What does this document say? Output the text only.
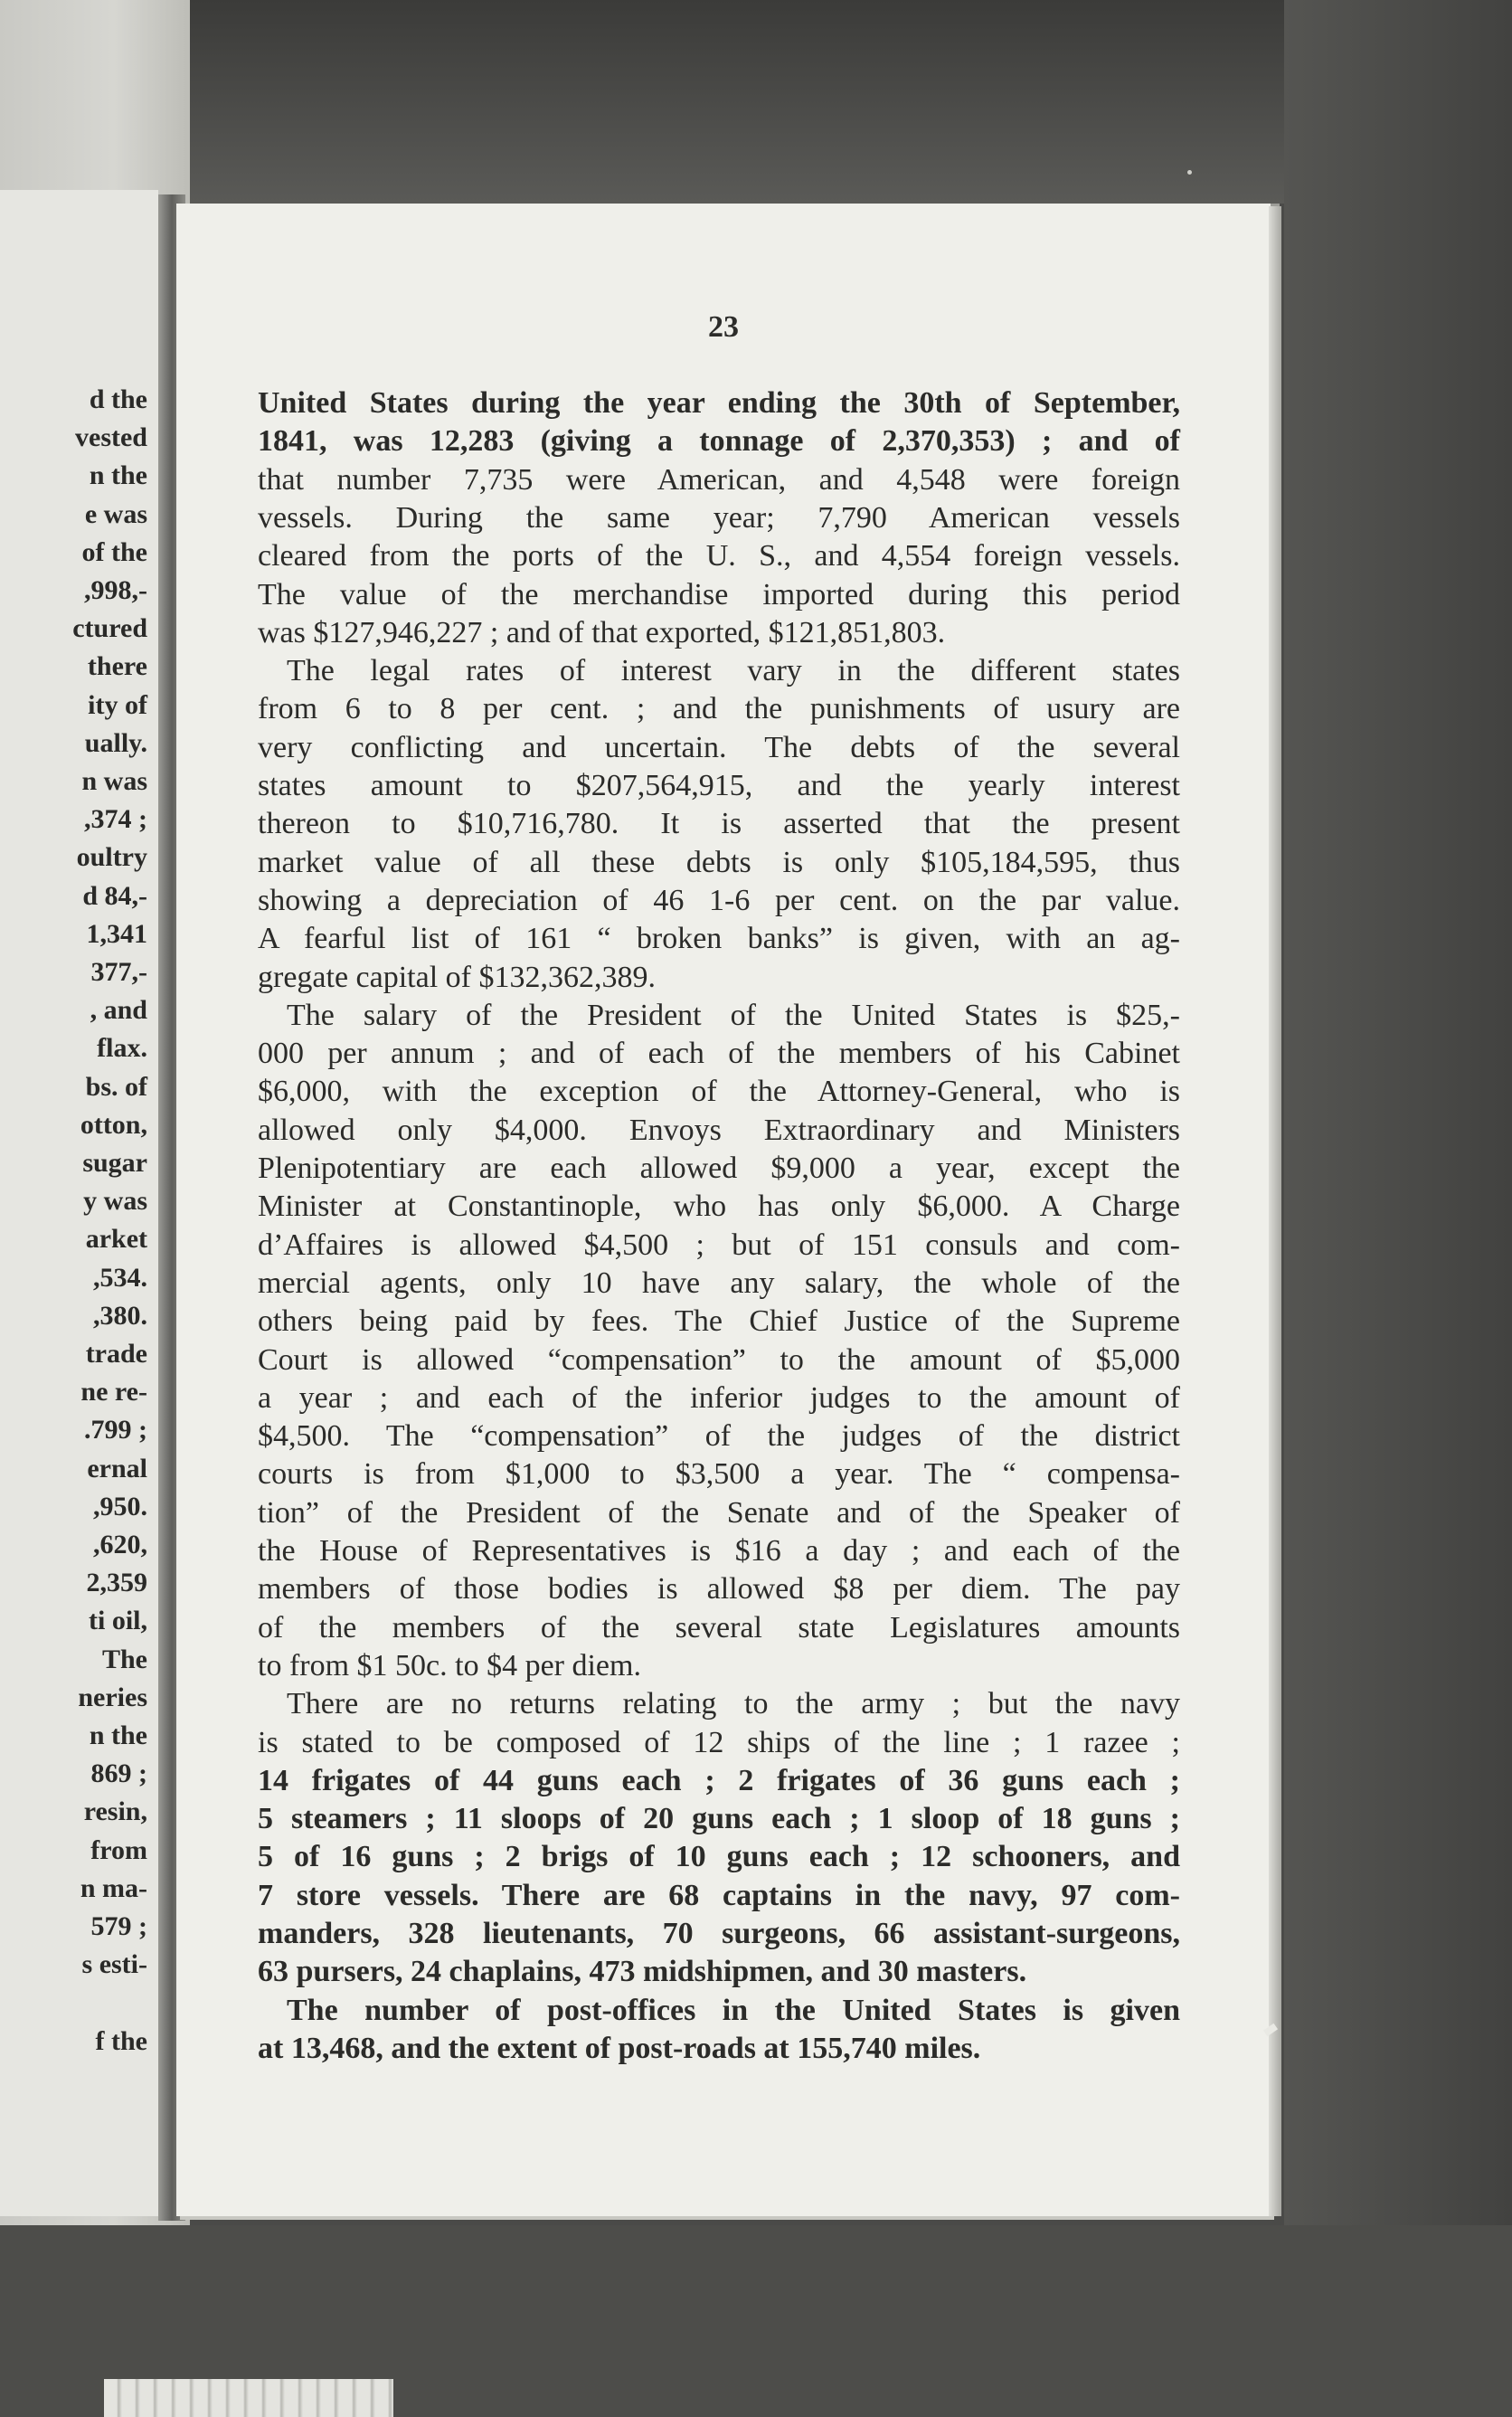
d the
vested
n the
e was
of the
,998,-
ctured
there
ity of
ually.
n was
,374 ;
oultry
d 84,-
1,341
377,-
, and
flax.
bs. of
otton,
sugar
y was
arket
,534.
,380.
trade
ne re-
.799 ;
ernal
,950.
,620,
2,359
ti oil,
The
neries
n the
869 ;
resin,
from
n ma-
579 ;
s esti-
f the
23
United States during the year ending the 30th of September,
1841, was 12,283 (giving a tonnage of 2,370,353) ; and of
that number 7,735 were American, and 4,548 were foreign
vessels. During the same year; 7,790 American vessels
cleared from the ports of the U. S., and 4,554 foreign vessels.
The value of the merchandise imported during this period
was $127,946,227 ; and of that exported, $121,851,803.
The legal rates of interest vary in the different states
from 6 to 8 per cent. ; and the punishments of usury are
very conflicting and uncertain. The debts of the several
states amount to $207,564,915, and the yearly interest
thereon to $10,716,780. It is asserted that the present
market value of all these debts is only $105,184,595, thus
showing a depreciation of 46 1-6 per cent. on the par value.
A fearful list of 161 “ broken banks” is given, with an ag-
gregate capital of $132,362,389.
The salary of the President of the United States is $25,-
000 per annum ; and of each of the members of his Cabinet
$6,000, with the exception of the Attorney-General, who is
allowed only $4,000. Envoys Extraordinary and Ministers
Plenipotentiary are each allowed $9,000 a year, except the
Minister at Constantinople, who has only $6,000. A Charge
d’Affaires is allowed $4,500 ; but of 151 consuls and com-
mercial agents, only 10 have any salary, the whole of the
others being paid by fees. The Chief Justice of the Supreme
Court is allowed “compensation” to the amount of $5,000
a year ; and each of the inferior judges to the amount of
$4,500. The “compensation” of the judges of the district
courts is from $1,000 to $3,500 a year. The “ compensa-
tion” of the President of the Senate and of the Speaker of
the House of Representatives is $16 a day ; and each of the
members of those bodies is allowed $8 per diem. The pay
of the members of the several state Legislatures amounts
to from $1 50c. to $4 per diem.
There are no returns relating to the army ; but the navy
is stated to be composed of 12 ships of the line ; 1 razee ;
14 frigates of 44 guns each ; 2 frigates of 36 guns each ;
5 steamers ; 11 sloops of 20 guns each ; 1 sloop of 18 guns ;
5 of 16 guns ; 2 brigs of 10 guns each ; 12 schooners, and
7 store vessels. There are 68 captains in the navy, 97 com-
manders, 328 lieutenants, 70 surgeons, 66 assistant-surgeons,
63 pursers, 24 chaplains, 473 midshipmen, and 30 masters.
The number of post-offices in the United States is given
at 13,468, and the extent of post-roads at 155,740 miles.
